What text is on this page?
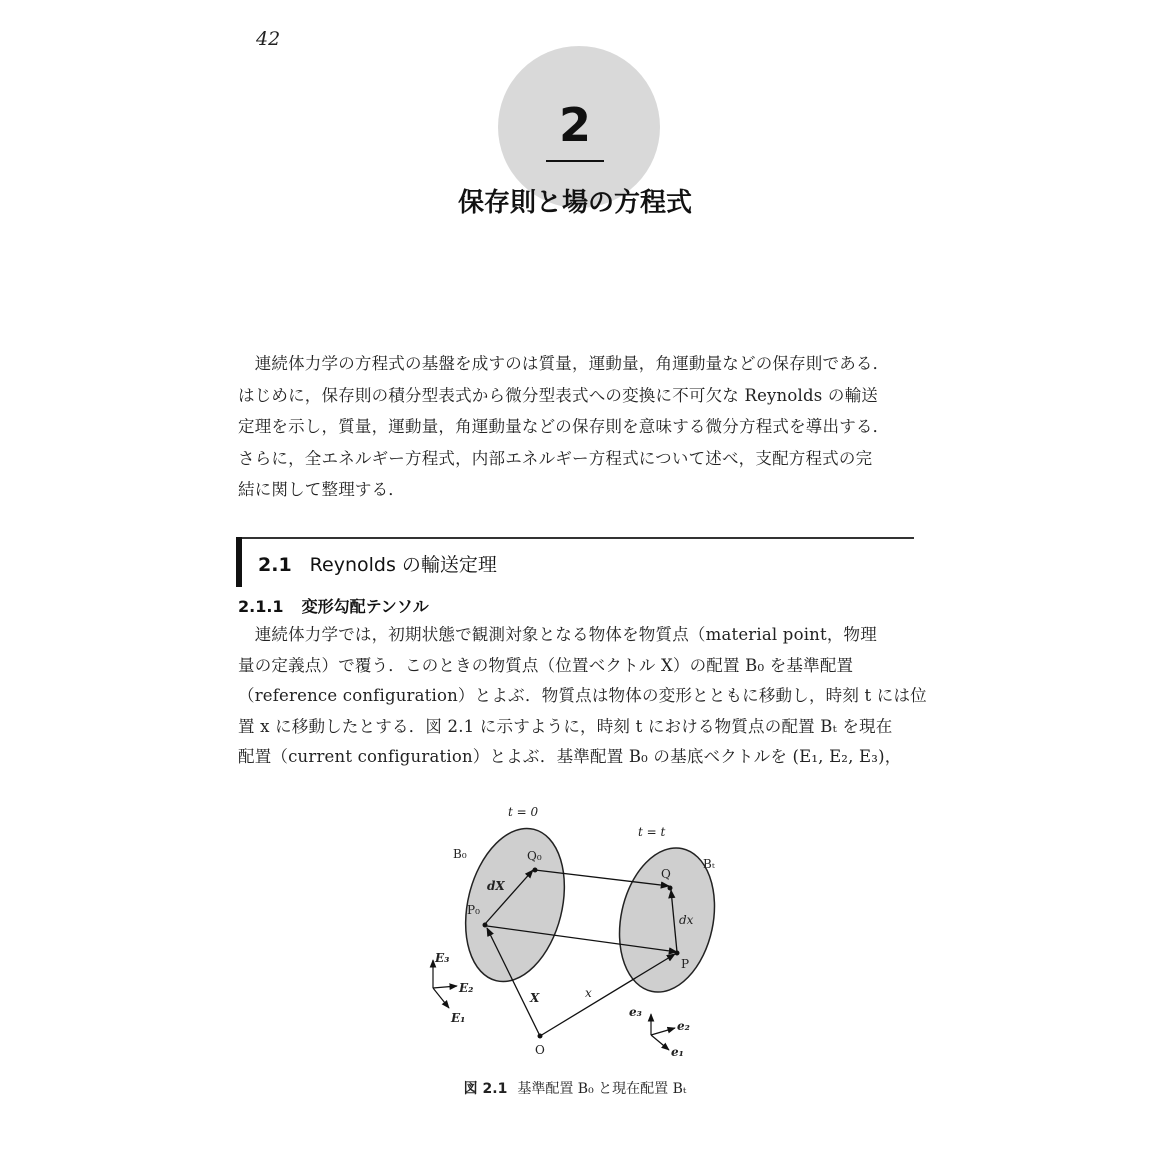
42
2
保存則と場の方程式
　連続体力学の方程式の基盤を成すのは質量，運動量，角運動量などの保存則である．
はじめに，保存則の積分型表式から微分型表式への変換に不可欠な Reynolds の輸送
定理を示し，質量，運動量，角運動量などの保存則を意味する微分方程式を導出する．
さらに，全エネルギー方程式，内部エネルギー方程式について述べ，支配方程式の完
結に関して整理する．
2.1 Reynolds の輸送定理
2.1.1 変形勾配テンソル
　連続体力学では，初期状態で観測対象となる物体を物質点（material point，物理
量の定義点）で覆う．このときの物質点（位置ベクトル X）の配置 B₀ を基準配置
（reference configuration）とよぶ．物質点は物体の変形とともに移動し，時刻 t には位
置 x に移動したとする．図 2.1 に示すように，時刻 t における物質点の配置 Bₜ を現在
配置（current configuration）とよぶ．基準配置 B₀ の基底ベクトルを (E₁, E₂, E₃)，
t = 0
t = t
B₀
Bₜ
Q₀
P₀
Q
P
dX
dx
X	x
O
E₃
E₂
E₁	e₃
e₂
e₁
図 2.1 基準配置 B₀ と現在配置 Bₜ
